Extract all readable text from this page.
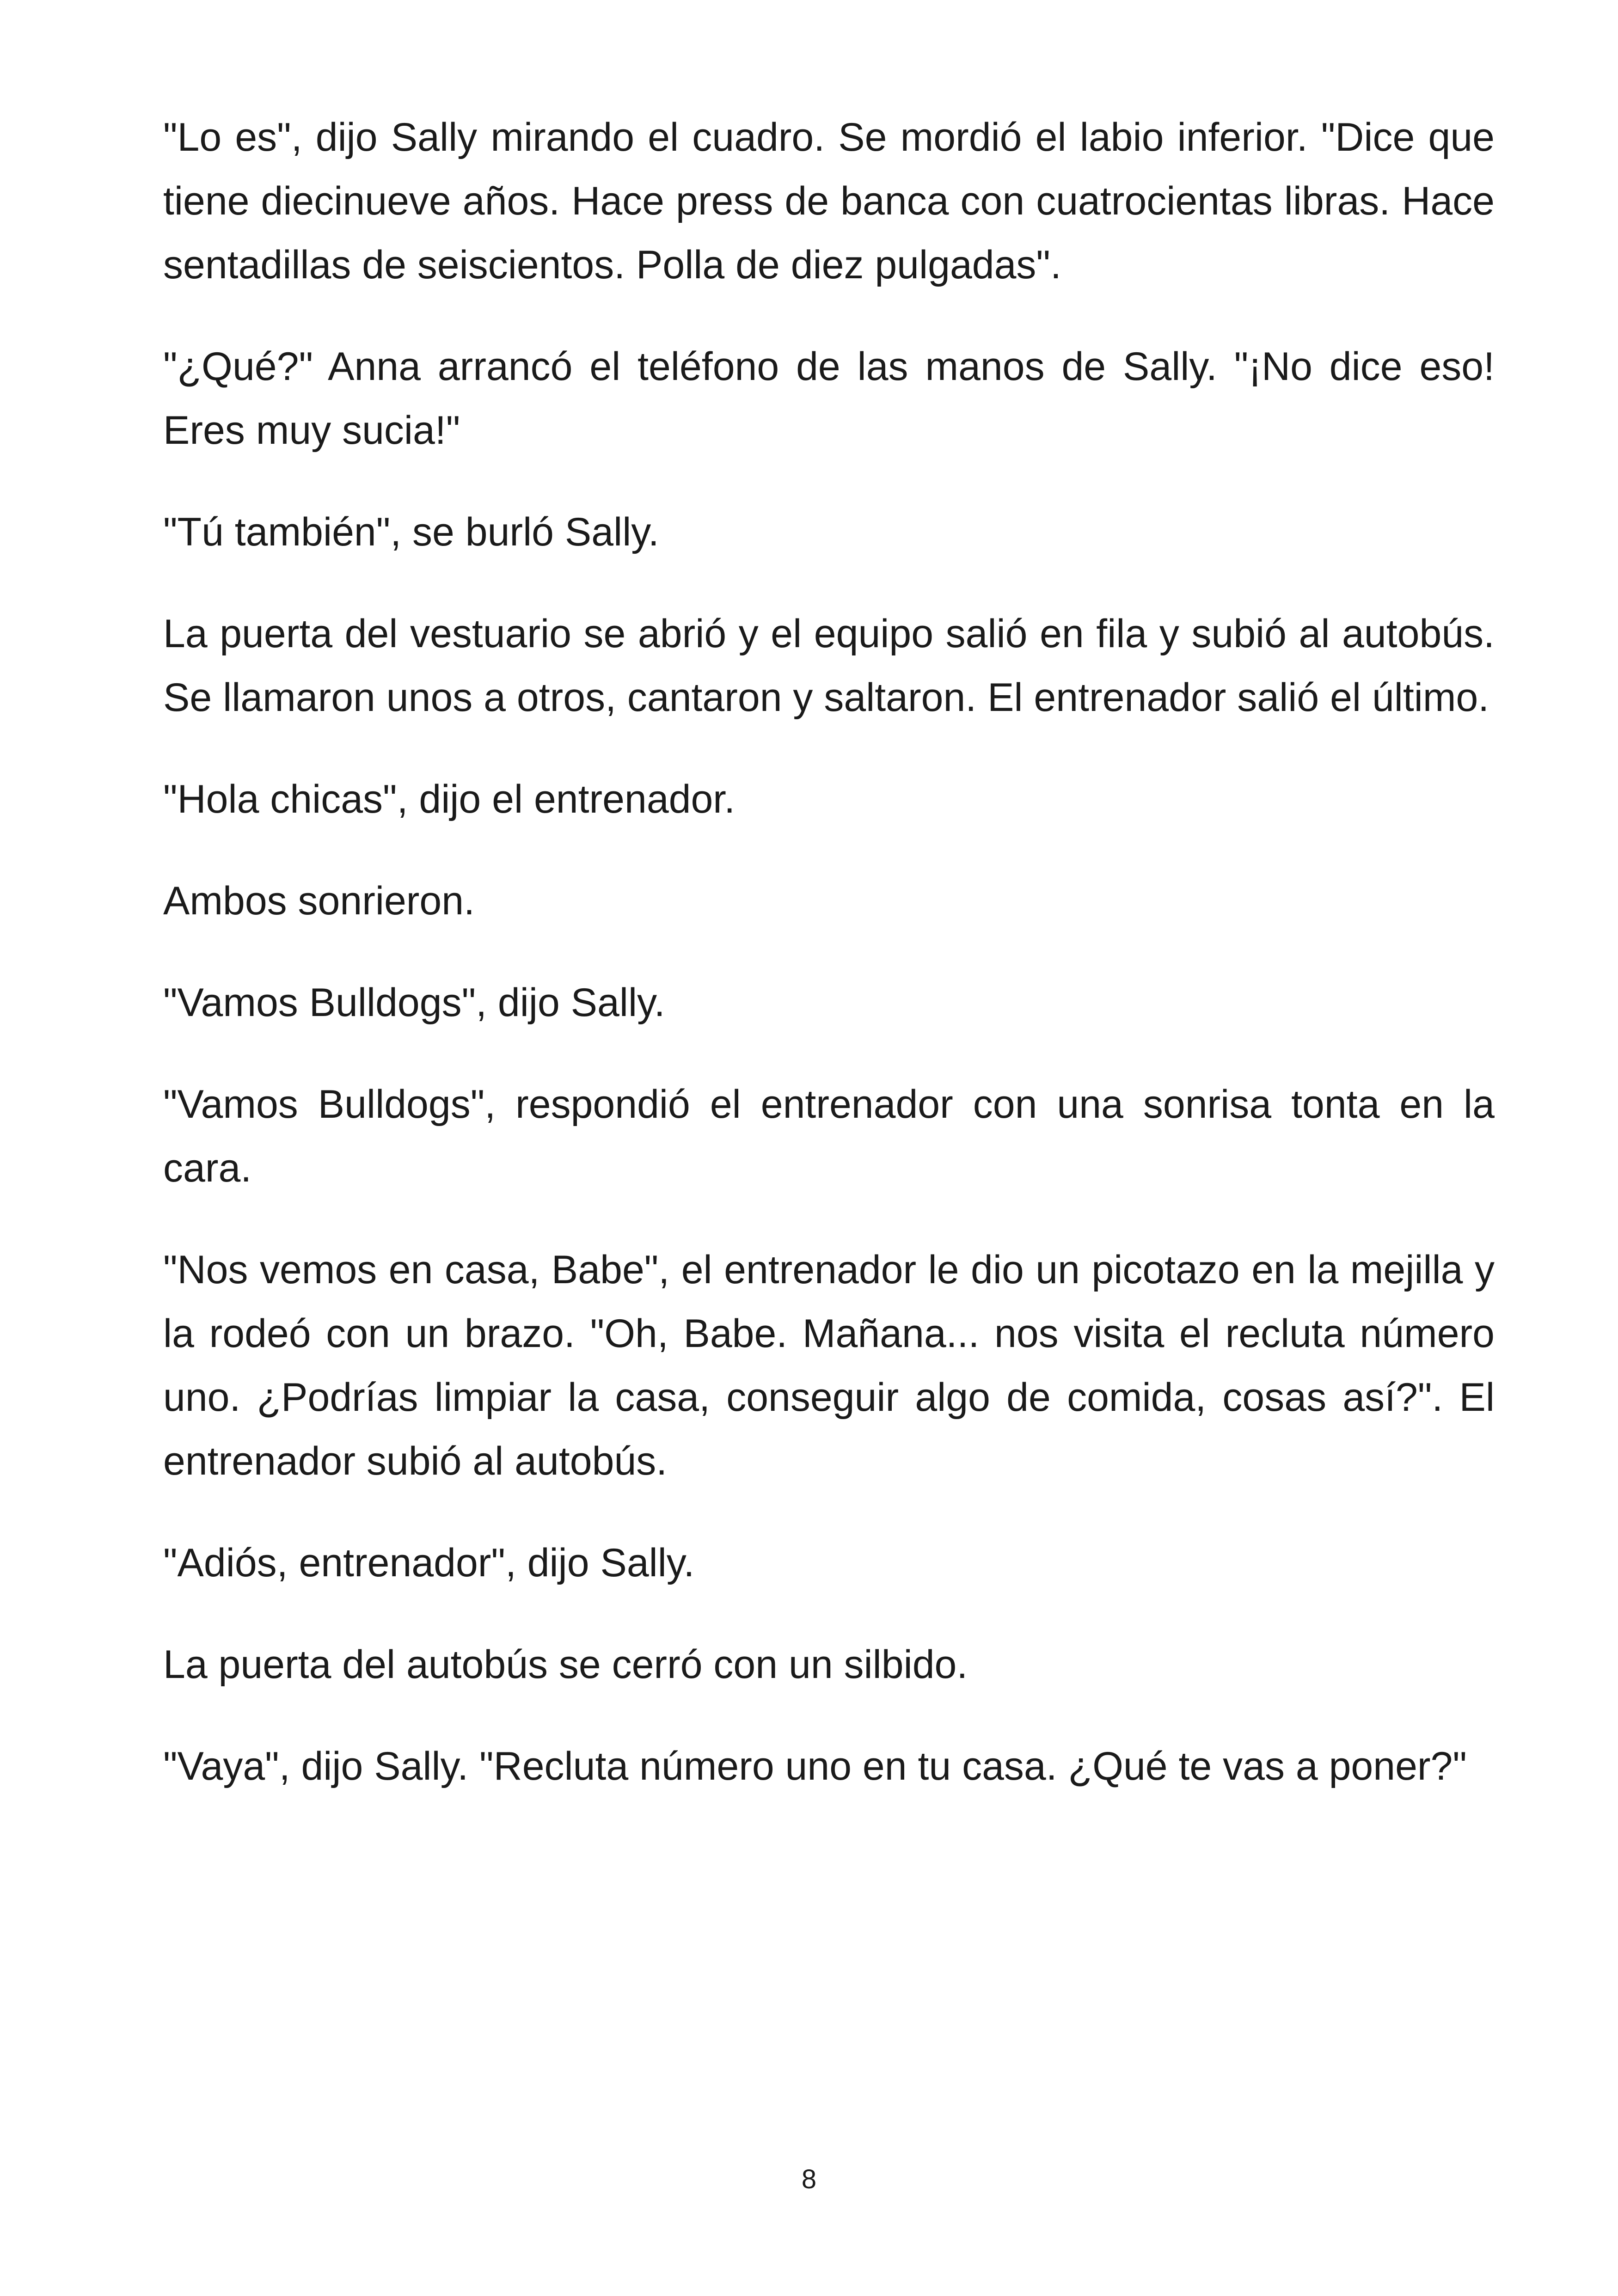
"Lo es", dijo Sally mirando el cuadro. Se mordió el labio inferior. "Dice que tiene diecinueve años. Hace press de banca con cuatrocientas libras. Hace sentadillas de seiscientos. Polla de diez pulgadas".

"¿Qué?" Anna arrancó el teléfono de las manos de Sally. "¡No dice eso! Eres muy sucia!"

"Tú también", se burló Sally.

La puerta del vestuario se abrió y el equipo salió en fila y subió al autobús. Se llamaron unos a otros, cantaron y saltaron. El entrenador salió el último.

"Hola chicas", dijo el entrenador.

Ambos sonrieron.

"Vamos Bulldogs", dijo Sally.

"Vamos Bulldogs", respondió el entrenador con una sonrisa tonta en la cara.

"Nos vemos en casa, Babe", el entrenador le dio un picotazo en la mejilla y la rodeó con un brazo. "Oh, Babe. Mañana... nos visita el recluta número uno. ¿Podrías limpiar la casa, conseguir algo de comida, cosas así?". El entrenador subió al autobús.

"Adiós, entrenador", dijo Sally.

La puerta del autobús se cerró con un silbido.

"Vaya", dijo Sally. "Recluta número uno en tu casa. ¿Qué te vas a poner?"

8
